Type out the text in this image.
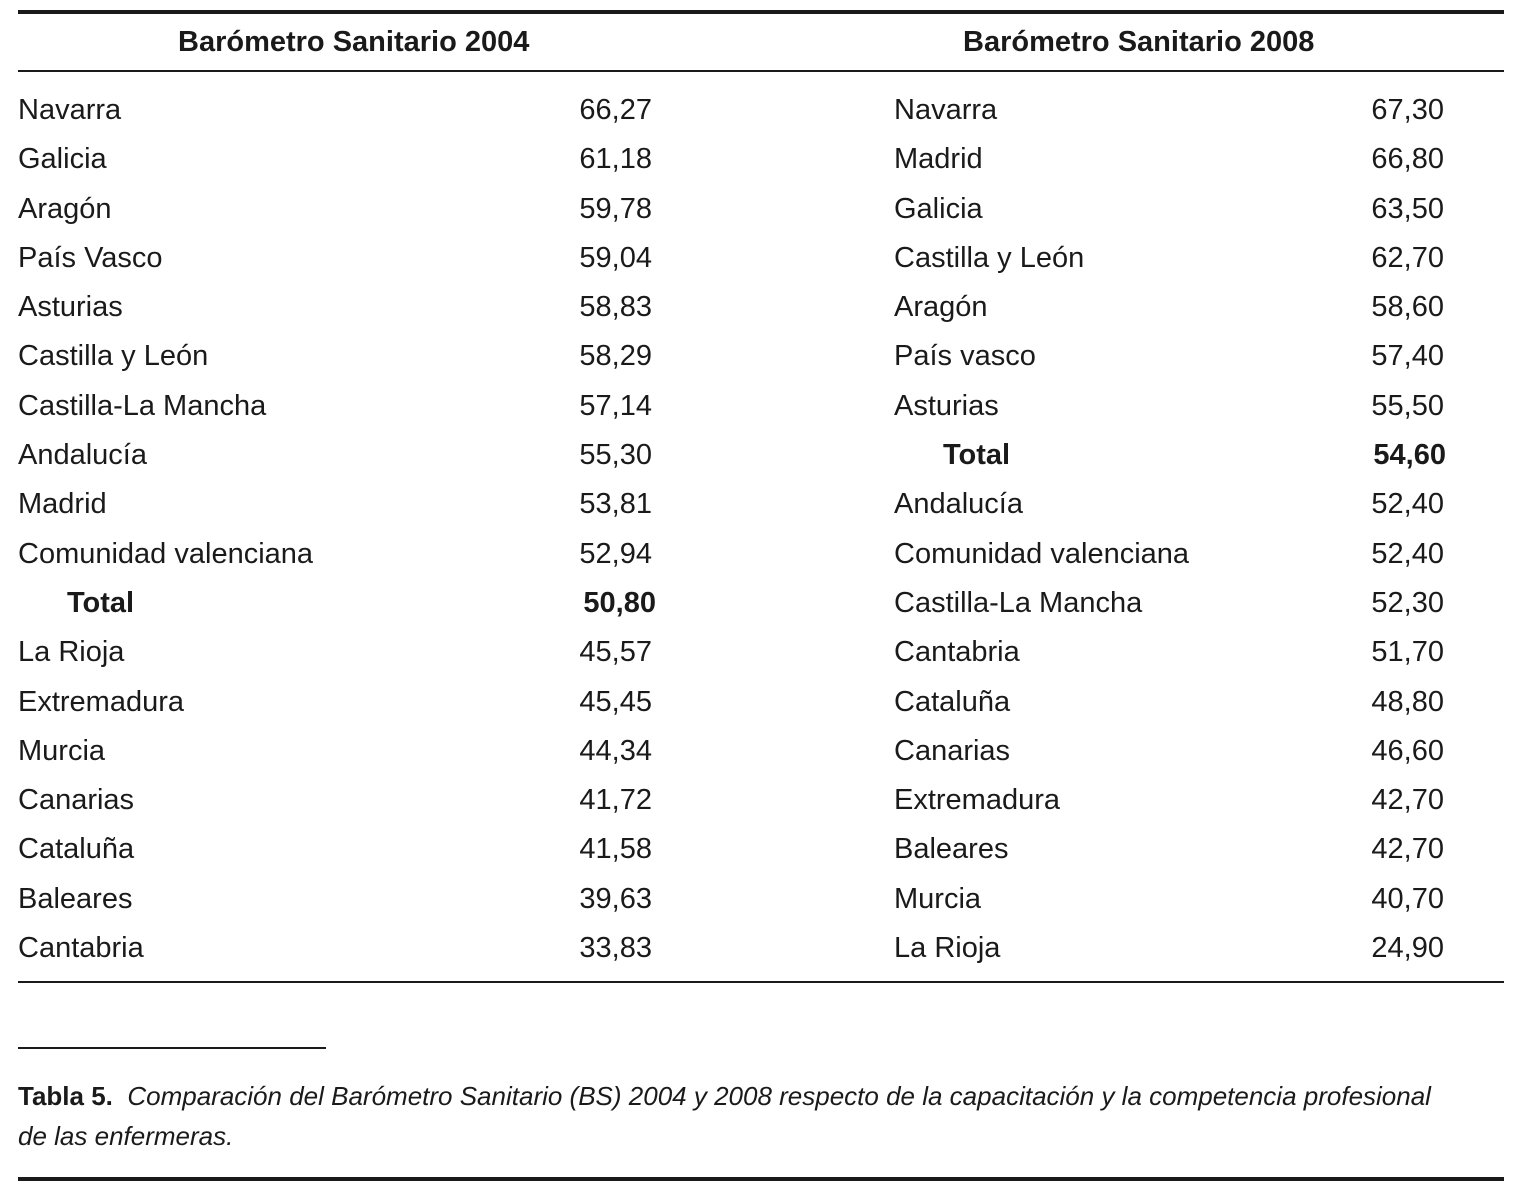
Barómetro Sanitario 2004	Barómetro Sanitario 2008
Navarra	66,27	Navarra	67,30
Galicia	61,18	Madrid	66,80
Aragón	59,78	Galicia	63,50
País Vasco	59,04	Castilla y León	62,70
Asturias	58,83	Aragón	58,60
Castilla y León	58,29	País vasco	57,40
Castilla-La Mancha	57,14	Asturias	55,50
Andalucía	55,30	Total	54,60
Madrid	53,81	Andalucía	52,40
Comunidad valenciana	52,94	Comunidad valenciana	52,40
Total	50,80	Castilla-La Mancha	52,30
La Rioja	45,57	Cantabria	51,70
Extremadura	45,45	Cataluña	48,80
Murcia	44,34	Canarias	46,60
Canarias	41,72	Extremadura	42,70
Cataluña	41,58	Baleares	42,70
Baleares	39,63	Murcia	40,70
Cantabria	33,83	La Rioja	24,90
Tabla 5. Comparación del Barómetro Sanitario (BS) 2004 y 2008 respecto de la capacitación y la competencia profesional de las enfermeras.
